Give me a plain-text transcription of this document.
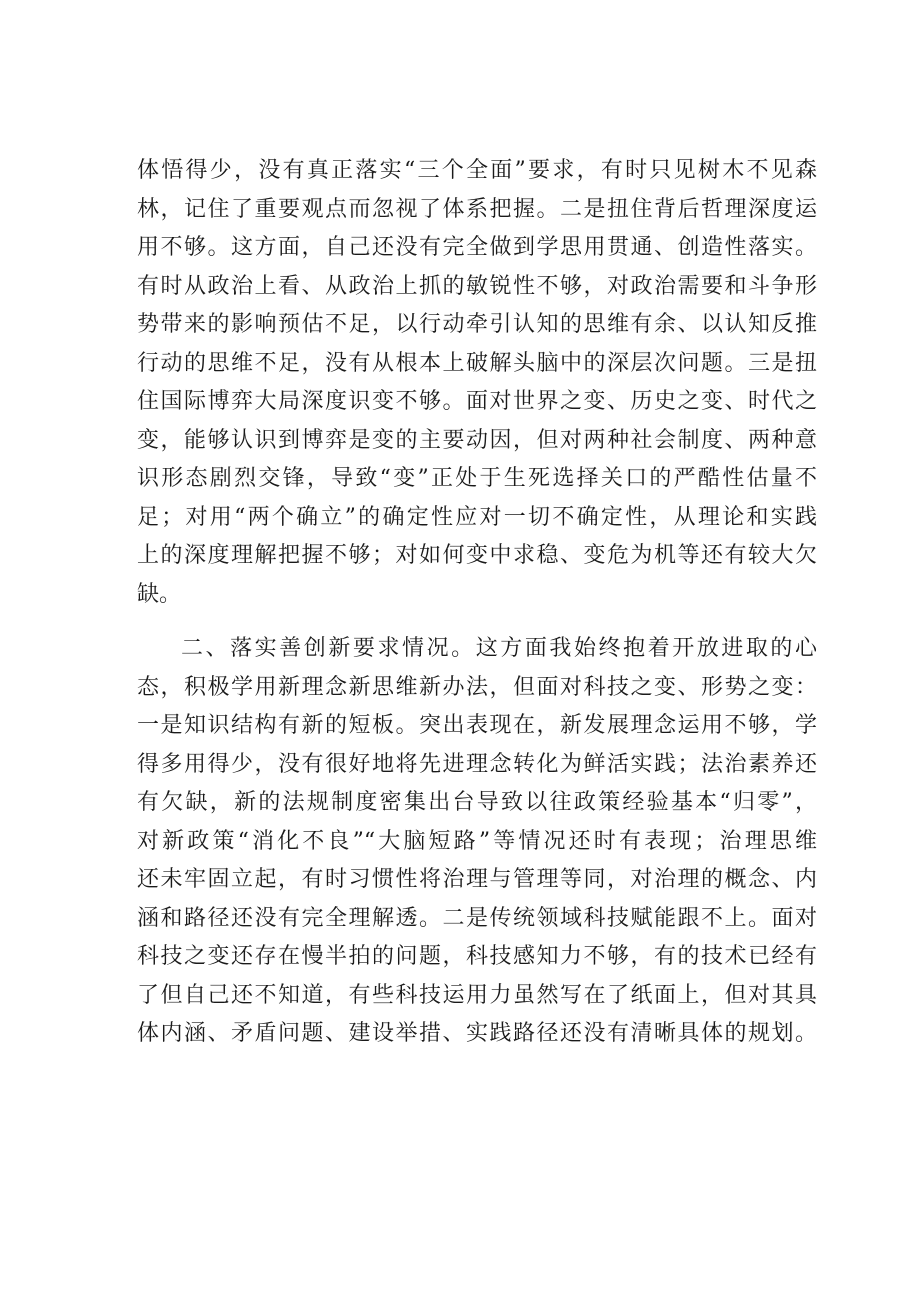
体悟得少，没有真正落实“三个全面”要求，有时只见树木不见森
林，记住了重要观点而忽视了体系把握。二是扭住背后哲理深度运
用不够。这方面，自己还没有完全做到学思用贯通、创造性落实。
有时从政治上看、从政治上抓的敏锐性不够，对政治需要和斗争形
势带来的影响预估不足，以行动牵引认知的思维有余、以认知反推
行动的思维不足，没有从根本上破解头脑中的深层次问题。三是扭
住国际博弈大局深度识变不够。面对世界之变、历史之变、时代之
变，能够认识到博弈是变的主要动因，但对两种社会制度、两种意
识形态剧烈交锋，导致“变”正处于生死选择关口的严酷性估量不
足；对用“两个确立”的确定性应对一切不确定性，从理论和实践
上的深度理解把握不够；对如何变中求稳、变危为机等还有较大欠
缺。
二、落实善创新要求情况。这方面我始终抱着开放进取的心
态，积极学用新理念新思维新办法，但面对科技之变、形势之变：
一是知识结构有新的短板。突出表现在，新发展理念运用不够，学
得多用得少，没有很好地将先进理念转化为鲜活实践；法治素养还
有欠缺，新的法规制度密集出台导致以往政策经验基本“归零”，
对新政策“消化不良”“大脑短路”等情况还时有表现；治理思维
还未牢固立起，有时习惯性将治理与管理等同，对治理的概念、内
涵和路径还没有完全理解透。二是传统领域科技赋能跟不上。面对
科技之变还存在慢半拍的问题，科技感知力不够，有的技术已经有
了但自己还不知道，有些科技运用力虽然写在了纸面上，但对其具
体内涵、矛盾问题、建设举措、实践路径还没有清晰具体的规划。
